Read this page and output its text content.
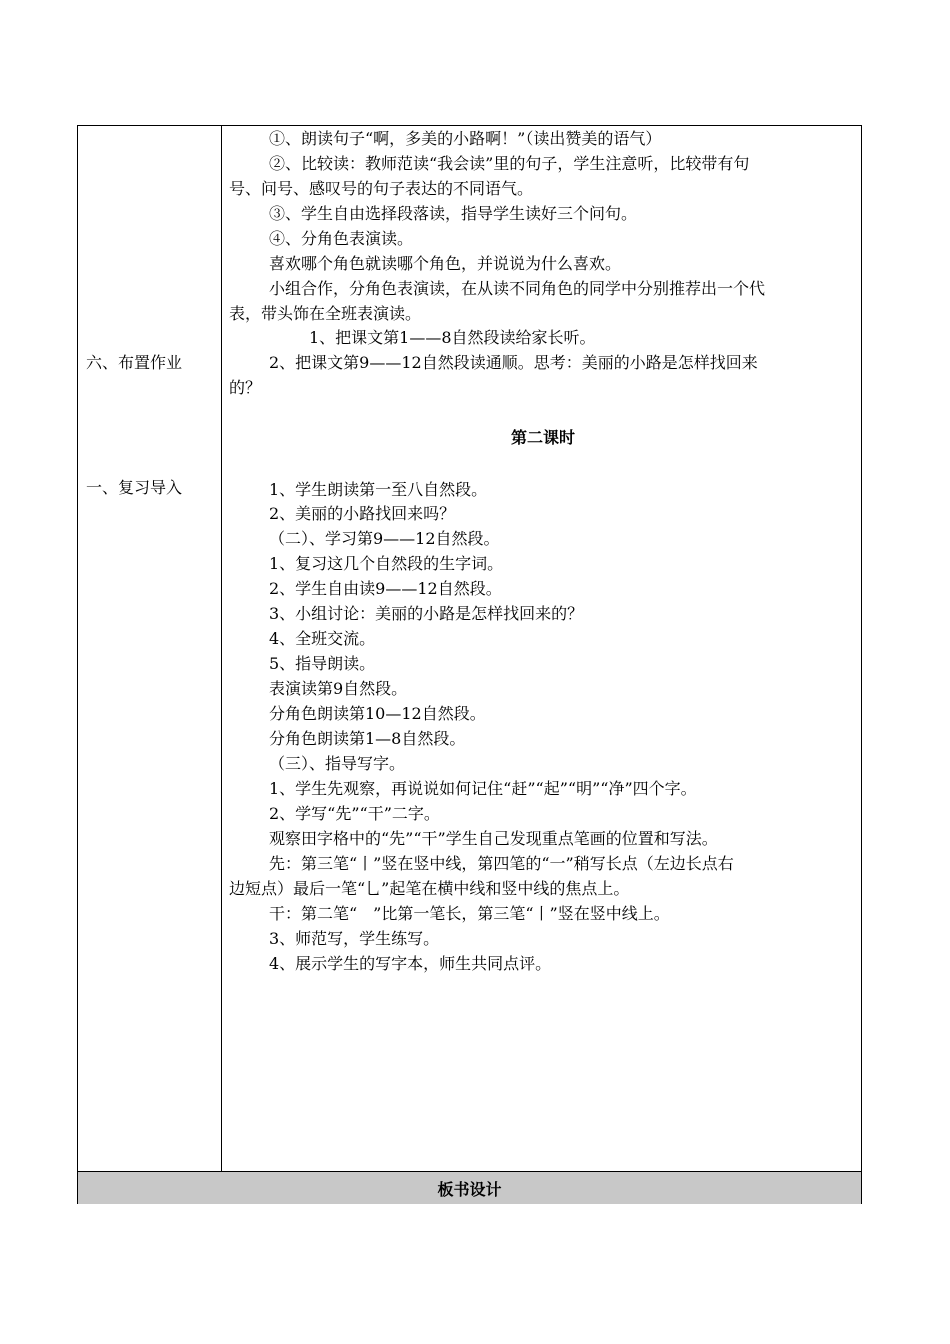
六、布置作业
一、复习导入
①、朗读句子“啊，多美的小路啊！”（读出赞美的语气）
②、比较读：教师范读“我会读”里的句子，学生注意听，比较带有句
号、问号、感叹号的句子表达的不同语气。
③、学生自由选择段落读，指导学生读好三个问句。
④、分角色表演读。
喜欢哪个角色就读哪个角色，并说说为什么喜欢。
小组合作，分角色表演读，在从读不同角色的同学中分别推荐出一个代
表，带头饰在全班表演读。
1、把课文第1——8自然段读给家长听。
2、把课文第9——12自然段读通顺。思考：美丽的小路是怎样找回来
的？
第二课时
1、学生朗读第一至八自然段。
2、美丽的小路找回来吗？
（二）、学习第9——12自然段。
1、复习这几个自然段的生字词。
2、学生自由读9——12自然段。
3、小组讨论：美丽的小路是怎样找回来的？
4、全班交流。
5、指导朗读。
表演读第9自然段。
分角色朗读第10—12自然段。
分角色朗读第1—8自然段。
（三）、指导写字。
1、学生先观察，再说说如何记住“赶”“起”“明”“净”四个字。
2、学写“先”“干”二字。
观察田字格中的“先”“干”学生自己发现重点笔画的位置和写法。
先：第三笔“丨”竖在竖中线，第四笔的“一”稍写长点（左边长点右
边短点）最后一笔“乚”起笔在横中线和竖中线的焦点上。
干：第二笔“　”比第一笔长，第三笔“丨”竖在竖中线上。
3、师范写，学生练写。
4、展示学生的写字本，师生共同点评。
板书设计
